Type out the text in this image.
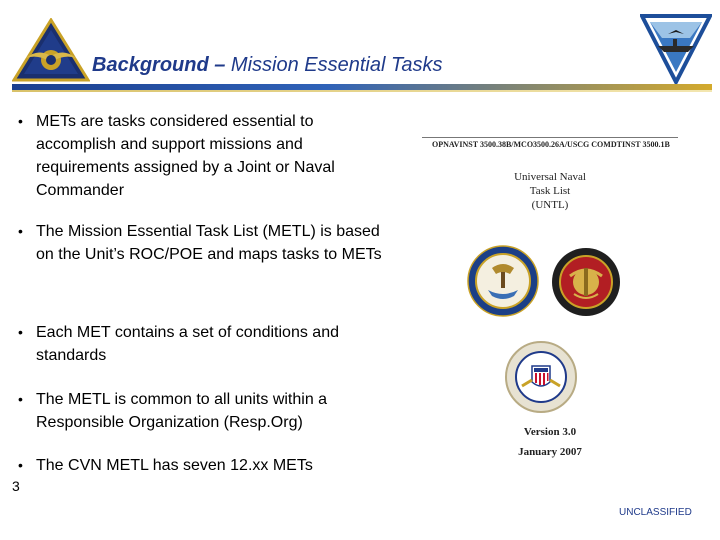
Background – Mission Essential Tasks
• METs are tasks considered essential to accomplish and support missions and requirements assigned by a Joint or Naval Commander
• The Mission Essential Task List (METL) is based on the Unit’s ROC/POE and maps tasks to METs
• Each MET contains a set of conditions and standards
• The METL is common to all units within a Responsible Organization (Resp.Org)
• The CVN METL has seven 12.xx METs
OPNAVINST 3500.38B/MCO3500.26A/USCG COMDTINST 3500.1B
Universal Naval
Task List
(UNTL)
Version 3.0
January 2007
3
UNCLASSIFIED
